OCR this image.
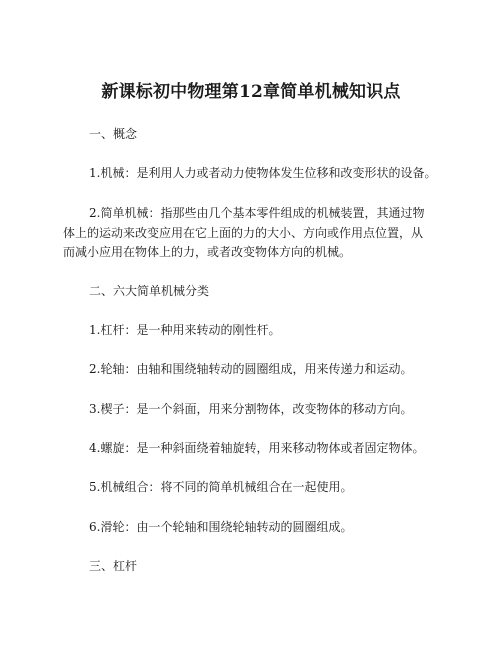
新课标初中物理第12章简单机械知识点
一、概念
1.机械：是利用人力或者动力使物体发生位移和改变形状的设备。
2.简单机械：指那些由几个基本零件组成的机械装置，其通过物
体上的运动来改变应用在它上面的力的大小、方向或作用点位置，从
而减小应用在物体上的力，或者改变物体方向的机械。
二、六大简单机械分类
1.杠杆：是一种用来转动的刚性杆。
2.轮轴：由轴和围绕轴转动的圆圈组成，用来传递力和运动。
3.楔子：是一个斜面，用来分割物体，改变物体的移动方向。
4.螺旋：是一种斜面绕着轴旋转，用来移动物体或者固定物体。
5.机械组合：将不同的简单机械组合在一起使用。
6.滑轮：由一个轮轴和围绕轮轴转动的圆圈组成。
三、杠杆
